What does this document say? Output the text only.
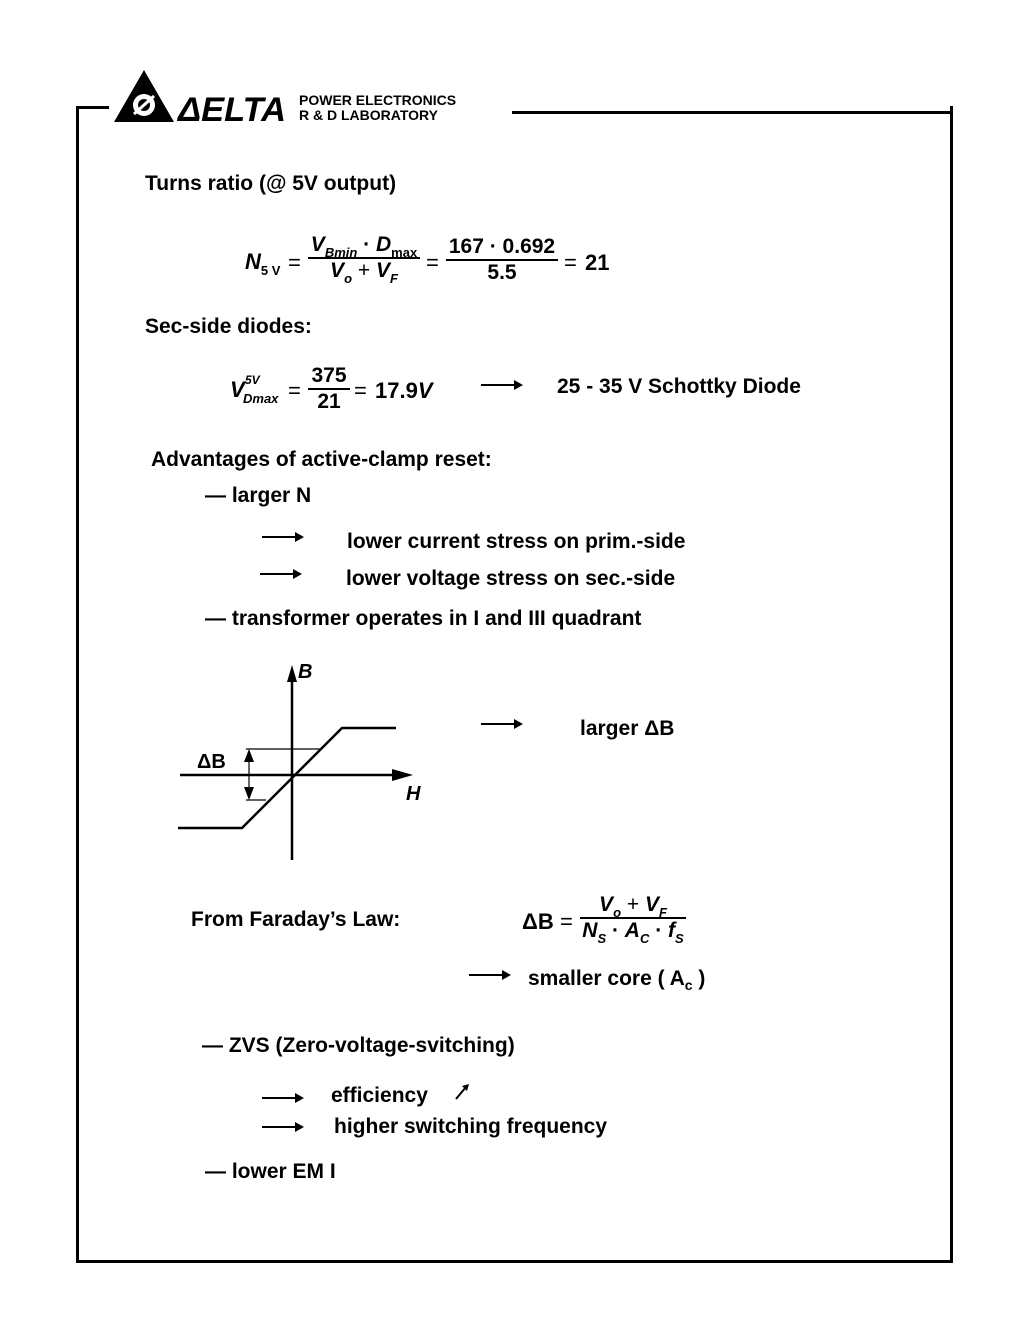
ΔELTA POWER ELECTRONICS
R & D LABORATORY
Turns ratio (@ 5V output)
$N_{5 V}$ =
$V_{Bmin} \cdot D_{max}$
$V_o + V_F$
=
167 · 0.692
5.5 = 21
Sec-side diodes:
V 5V
Dmax =
375
21 = 17.9V	25 - 35 V Schottky Diode
Advantages of active-clamp reset:
— larger N
lower current stress on prim.-side
lower voltage stress on sec.-side
— transformer operates in I and III quadrant
B
H
ΔB
larger ΔB
From Faraday’s Law:	ΔB =
$V_o + V_F$
$N_S \cdot A_C \cdot f_S$
smaller core ( $A_c$ )
— ZVS (Zero-voltage-svitching)
efficiency
higher switching frequency
— lower EM I
